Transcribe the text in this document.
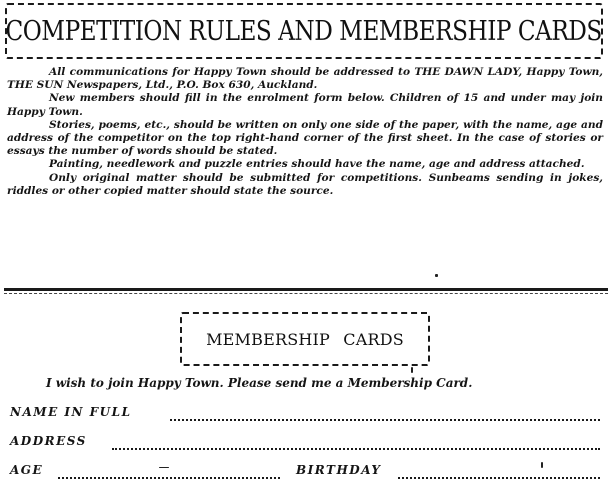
COMPETITION RULES AND MEMBERSHIP CARDS

All communications for Happy Town should be addressed to THE DAWN LADY, Happy Town, THE SUN Newspapers, Ltd., P.O. Box 630, Auckland.

New members should fill in the enrolment form below. Children of 15 and under may join Happy Town.

Stories, poems, etc., should be written on only one side of the paper, with the name, age and address of the competitor on the top right-hand corner of the first sheet. In the case of stories or essays the number of words should be stated.

Painting, needlework and puzzle entries should have the name, age and address attached.

Only original matter should be submitted for competitions. Sunbeams sending in jokes, riddles or other copied matter should state the source.

MEMBERSHIP CARDS
I wish to join Happy Town. Please send me a Membership Card.
NAME IN FULL
ADDRESS
AGE	BIRTHDAY
